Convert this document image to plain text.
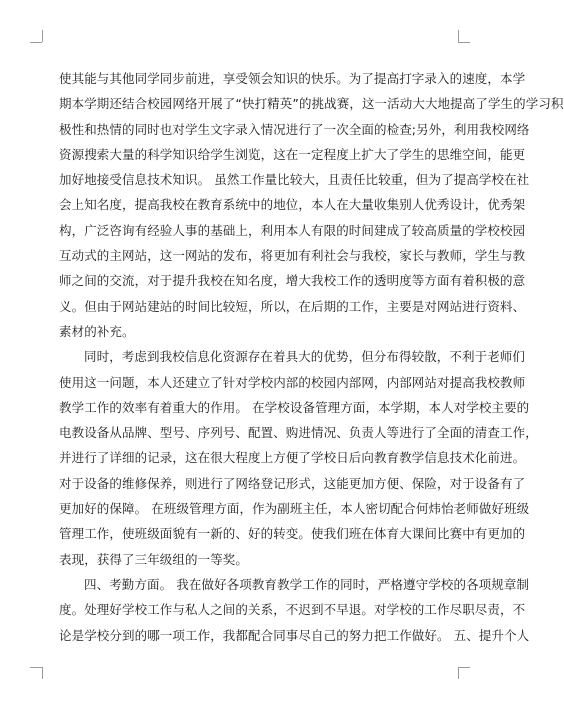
使其能与其他同学同步前进，享受领会知识的快乐。为了提高打字录入的速度，本学
期本学期还结合校园网络开展了“快打精英”的挑战赛，这一活动大大地提高了学生的学习积
极性和热情的同时也对学生文字录入情况进行了一次全面的检查;另外，利用我校网络
资源搜索大量的科学知识给学生浏览，这在一定程度上扩大了学生的思维空间，能更
加好地接受信息技术知识。 虽然工作量比较大，且责任比较重，但为了提高学校在社
会上知名度，提高我校在教育系统中的地位，本人在大量收集别人优秀设计，优秀架
构，广泛咨询有经验人事的基础上，利用本人有限的时间建成了较高质量的学校校园
互动式的主网站，这一网站的发布，将更加有利社会与我校，家长与教师，学生与教
师之间的交流，对于提升我校在知名度，增大我校工作的透明度等方面有着积极的意
义。但由于网站建站的时间比较短，所以，在后期的工作，主要是对网站进行资料、
素材的补充。
同时，考虑到我校信息化资源存在着具大的优势，但分布得较散，不利于老师们
使用这一问题，本人还建立了针对学校内部的校园内部网，内部网站对提高我校教师
教学工作的效率有着重大的作用。 在学校设备管理方面，本学期，本人对学校主要的
电教设备从品牌、型号、序列号、配置、购进情况、负责人等进行了全面的清查工作，
并进行了详细的记录，这在很大程度上方便了学校日后向教育教学信息技术化前进。
对于设备的维修保养，则进行了网络登记形式，这能更加方便、保险，对于设备有了
更加好的保障。 在班级管理方面，作为副班主任，本人密切配合何炜怡老师做好班级
管理工作，使班级面貌有一新的、好的转变。使我们班在体育大课间比赛中有更加的
表现，获得了三年级组的一等奖。
四、考勤方面。 我在做好各项教育教学工作的同时，严格遵守学校的各项规章制
度。处理好学校工作与私人之间的关系，不迟到不早退。对学校的工作尽职尽责，不
论是学校分到的哪一项工作，我都配合同事尽自己的努力把工作做好。 五、提升个人
